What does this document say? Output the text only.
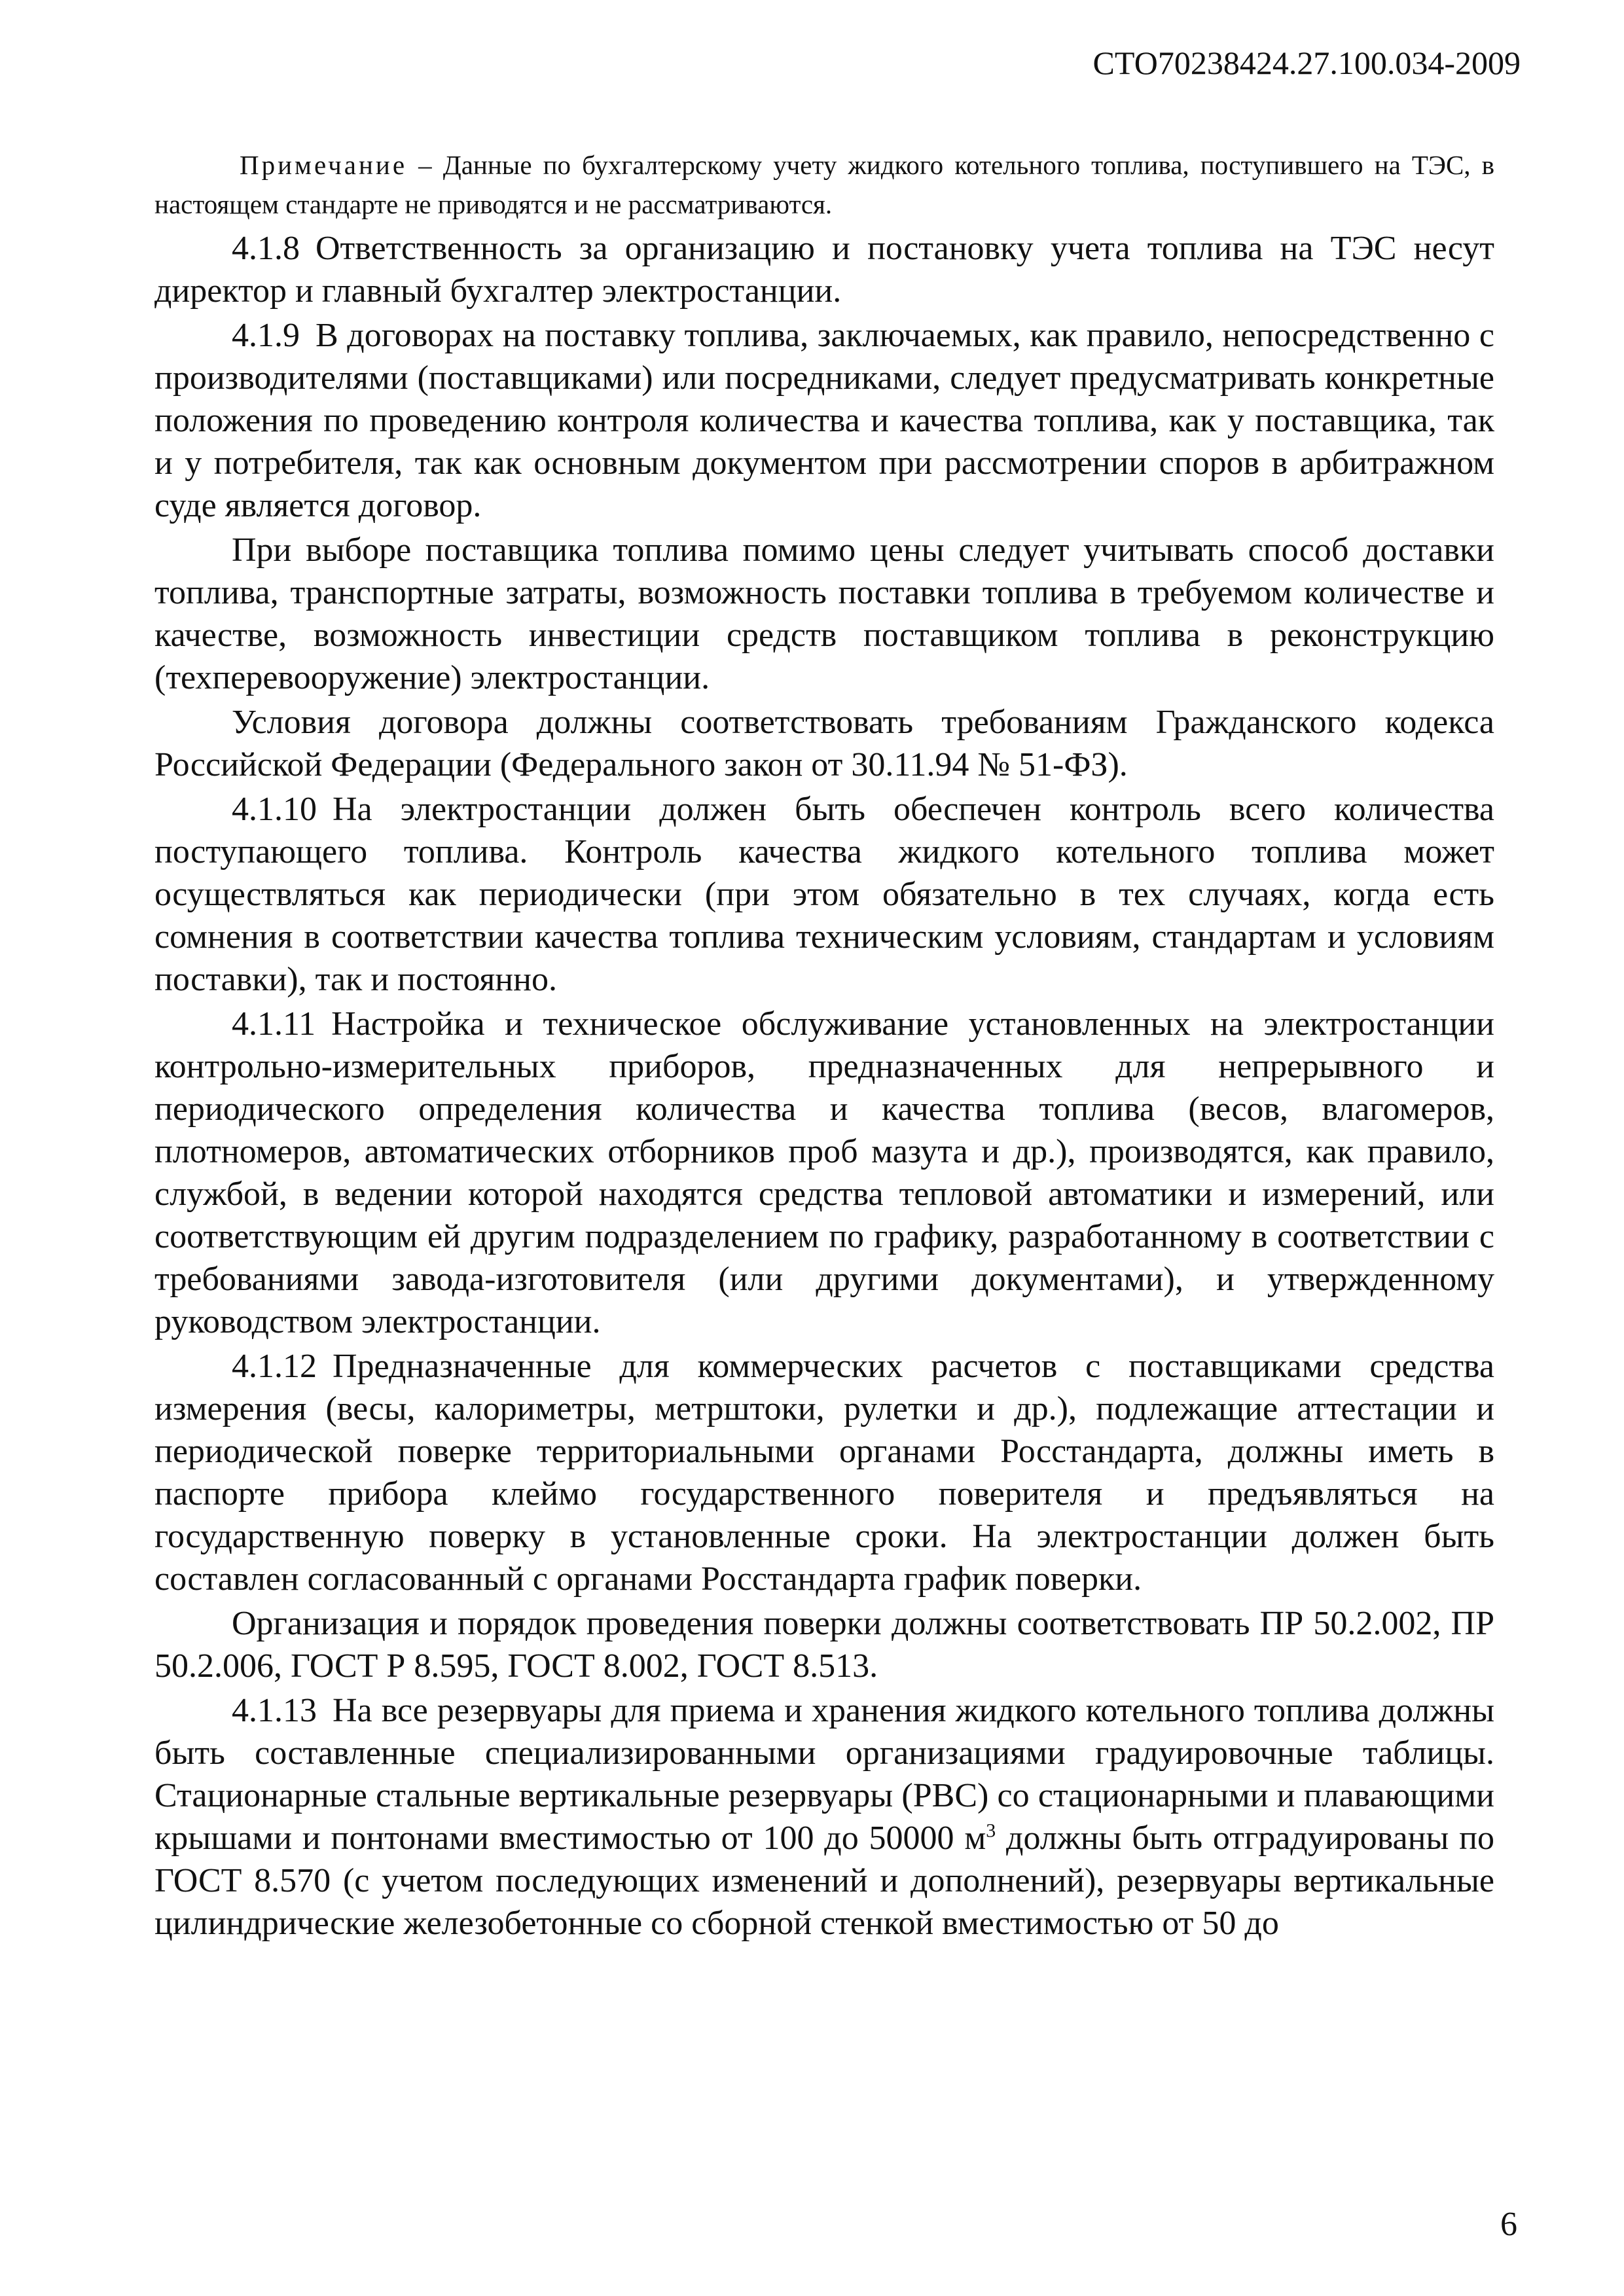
СТО70238424.27.100.034-2009

Примечание – Данные по бухгалтерскому учету жидкого котельного топлива, поступившего на ТЭС, в настоящем стандарте не приводятся и не рассматриваются.

4.1.8 Ответственность за организацию и постановку учета топлива на ТЭС несут директор и главный бухгалтер электростанции.

4.1.9 В договорах на поставку топлива, заключаемых, как правило, непосредственно с производителями (поставщиками) или посредниками, следует предусматривать конкретные положения по проведению контроля количества и качества топлива, как у поставщика, так и у потребителя, так как основным документом при рассмотрении споров в арбитражном суде является договор.

При выборе поставщика топлива помимо цены следует учитывать способ доставки топлива, транспортные затраты, возможность поставки топлива в требуемом количестве и качестве, возможность инвестиции средств поставщиком топлива в реконструкцию (техперевооружение) электростанции.

Условия договора должны соответствовать требованиям Гражданского кодекса Российской Федерации (Федерального закон от 30.11.94 № 51-ФЗ).

4.1.10 На электростанции должен быть обеспечен контроль всего количества поступающего топлива. Контроль качества жидкого котельного топлива может осуществляться как периодически (при этом обязательно в тех случаях, когда есть сомнения в соответствии качества топлива техническим условиям, стандартам и условиям поставки), так и постоянно.

4.1.11 Настройка и техническое обслуживание установленных на электростанции контрольно-измерительных приборов, предназначенных для непрерывного и периодического определения количества и качества топлива (весов, влагомеров, плотномеров, автоматических отборников проб мазута и др.), производятся, как правило, службой, в ведении которой находятся средства тепловой автоматики и измерений, или соответствующим ей другим подразделением по графику, разработанному в соответствии с требованиями завода-изготовителя (или другими документами), и утвержденному руководством электростанции.

4.1.12 Предназначенные для коммерческих расчетов с поставщиками средства измерения (весы, калориметры, метрштоки, рулетки и др.), подлежащие аттестации и периодической поверке территориальными органами Росстандарта, должны иметь в паспорте прибора клеймо государственного поверителя и предъявляться на государственную поверку в установленные сроки. На электростанции должен быть составлен согласованный с органами Росстандарта график поверки.

Организация и порядок проведения поверки должны соответствовать ПР 50.2.002, ПР 50.2.006, ГОСТ Р 8.595, ГОСТ 8.002, ГОСТ 8.513.

4.1.13 На все резервуары для приема и хранения жидкого котельного топлива должны быть составленные специализированными организациями градуировочные таблицы. Стационарные стальные вертикальные резервуары (РВС) со стационарными и плавающими крышами и понтонами вместимостью от 100 до 50000 $м^3$ должны быть отградуированы по ГОСТ 8.570 (с учетом последующих изменений и дополнений), резервуары вертикальные цилиндрические железобетонные со сборной стенкой вместимостью от 50 до

6
